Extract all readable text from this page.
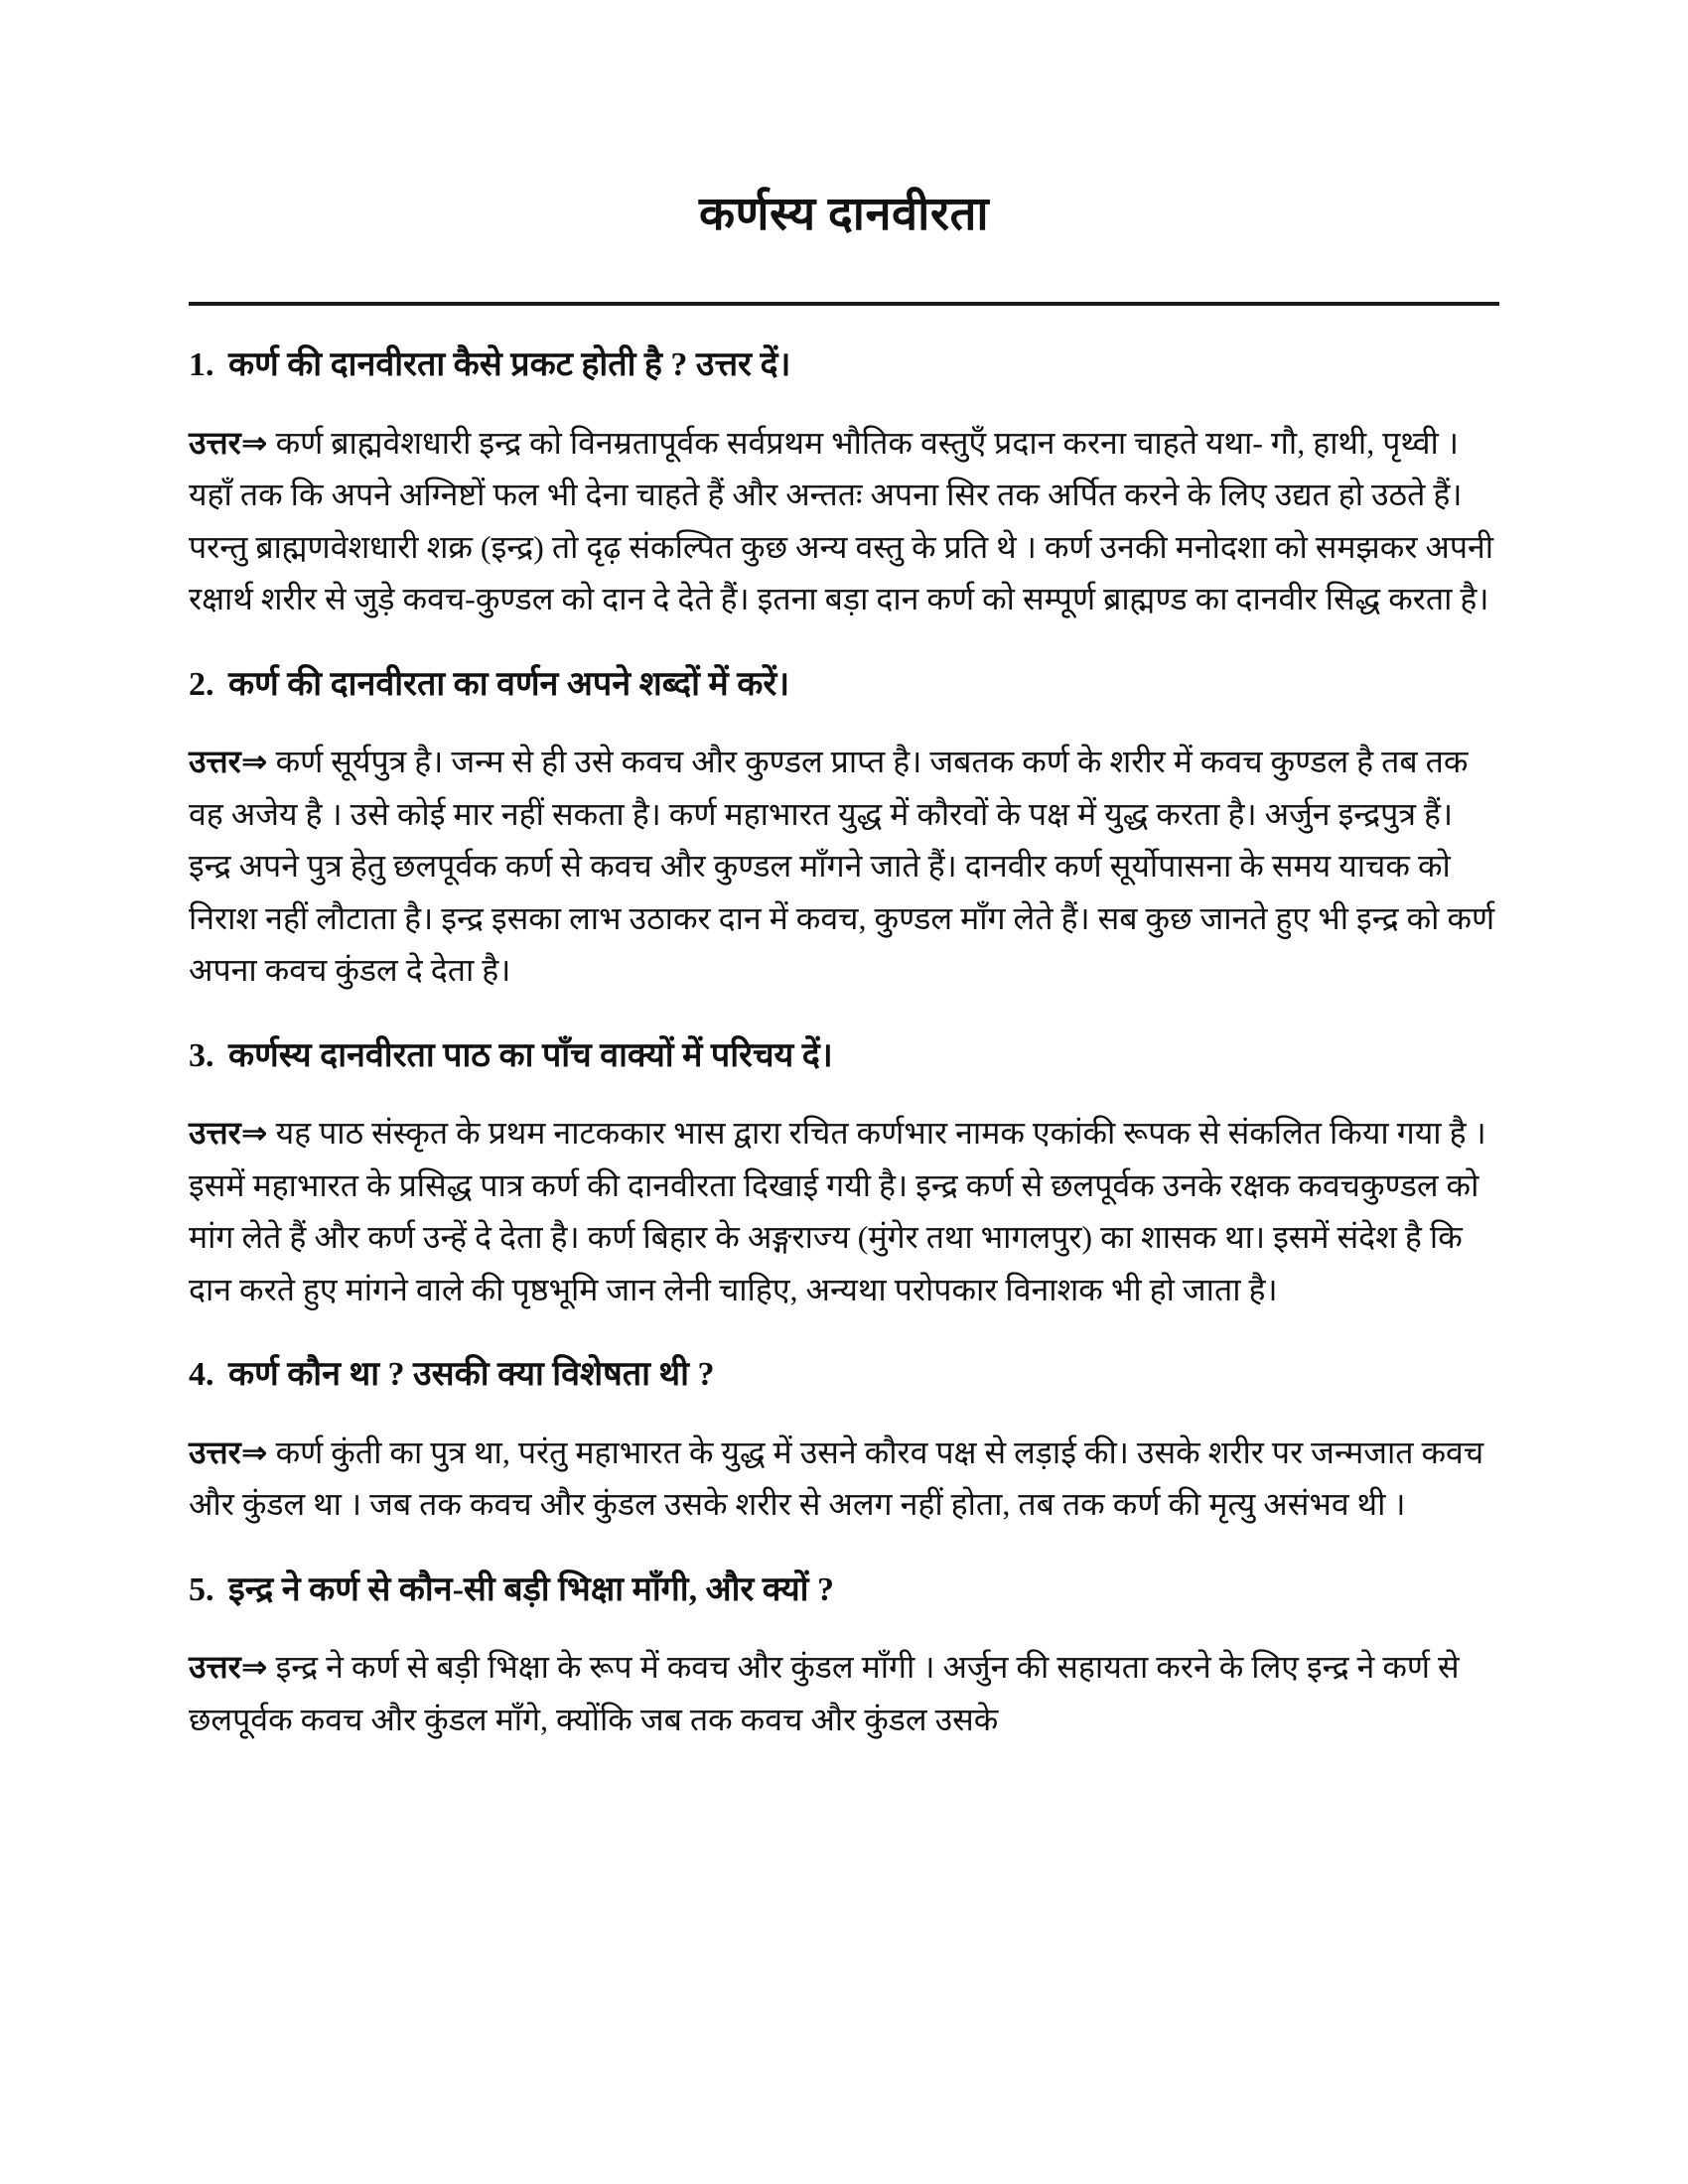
कर्णस्य दानवीरता
1. कर्ण की दानवीरता कैसे प्रकट होती है ? उत्तर दें।

उत्तर⇒ कर्ण ब्राह्मवेशधारी इन्द्र को विनम्रतापूर्वक सर्वप्रथम भौतिक वस्तुएँ प्रदान करना चाहते यथा- गौ, हाथी, पृथ्वी । यहाँ तक कि अपने अग्निष्टों फल भी देना चाहते हैं और अन्ततः अपना सिर तक अर्पित करने के लिए उद्यत हो उठते हैं। परन्तु ब्राह्मणवेशधारी शक्र (इन्द्र) तो दृढ़ संकल्पित कुछ अन्य वस्तु के प्रति थे । कर्ण उनकी मनोदशा को समझकर अपनी रक्षार्थ शरीर से जुड़े कवच-कुण्डल को दान दे देते हैं। इतना बड़ा दान कर्ण को सम्पूर्ण ब्राह्मण्ड का दानवीर सिद्ध करता है।

2. कर्ण की दानवीरता का वर्णन अपने शब्दों में करें।

उत्तर⇒ कर्ण सूर्यपुत्र है। जन्म से ही उसे कवच और कुण्डल प्राप्त है। जबतक कर्ण के शरीर में कवच कुण्डल है तब तक वह अजेय है । उसे कोई मार नहीं सकता है। कर्ण महाभारत युद्ध में कौरवों के पक्ष में युद्ध करता है। अर्जुन इन्द्रपुत्र हैं। इन्द्र अपने पुत्र हेतु छलपूर्वक कर्ण से कवच और कुण्डल माँगने जाते हैं। दानवीर कर्ण सूर्योपासना के समय याचक को निराश नहीं लौटाता है। इन्द्र इसका लाभ उठाकर दान में कवच, कुण्डल माँग लेते हैं। सब कुछ जानते हुए भी इन्द्र को कर्ण अपना कवच कुंडल दे देता है।

3. कर्णस्य दानवीरता पाठ का पाँच वाक्यों में परिचय दें।

उत्तर⇒ यह पाठ संस्कृत के प्रथम नाटककार भास द्वारा रचित कर्णभार नामक एकांकी रूपक से संकलित किया गया है । इसमें महाभारत के प्रसिद्ध पात्र कर्ण की दानवीरता दिखाई गयी है। इन्द्र कर्ण से छलपूर्वक उनके रक्षक कवचकुण्डल को मांग लेते हैं और कर्ण उन्हें दे देता है। कर्ण बिहार के अङ्गराज्य (मुंगेर तथा भागलपुर) का शासक था। इसमें संदेश है कि दान करते हुए मांगने वाले की पृष्ठभूमि जान लेनी चाहिए, अन्यथा परोपकार विनाशक भी हो जाता है।

4. कर्ण कौन था ? उसकी क्या विशेषता थी ?

उत्तर⇒ कर्ण कुंती का पुत्र था, परंतु महाभारत के युद्ध में उसने कौरव पक्ष से लड़ाई की। उसके शरीर पर जन्मजात कवच और कुंडल था । जब तक कवच और कुंडल उसके शरीर से अलग नहीं होता, तब तक कर्ण की मृत्यु असंभव थी ।

5. इन्द्र ने कर्ण से कौन-सी बड़ी भिक्षा माँगी, और क्यों ?

उत्तर⇒ इन्द्र ने कर्ण से बड़ी भिक्षा के रूप में कवच और कुंडल माँगी । अर्जुन की सहायता करने के लिए इन्द्र ने कर्ण से छलपूर्वक कवच और कुंडल माँगे, क्योंकि जब तक कवच और कुंडल उसके
